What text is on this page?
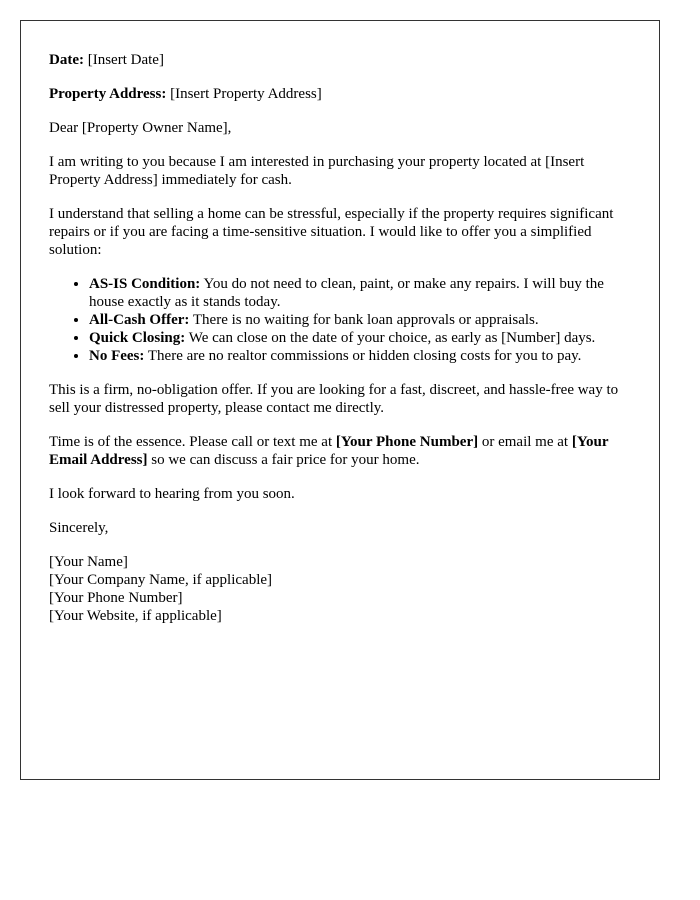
Date: [Insert Date]

Property Address: [Insert Property Address]

Dear [Property Owner Name],

I am writing to you because I am interested in purchasing your property located at [Insert Property Address] immediately for cash.

I understand that selling a home can be stressful, especially if the property requires significant repairs or if you are facing a time-sensitive situation. I would like to offer you a simplified solution:

• AS-IS Condition: You do not need to clean, paint, or make any repairs. I will buy the house exactly as it stands today.
• All-Cash Offer: There is no waiting for bank loan approvals or appraisals.
• Quick Closing: We can close on the date of your choice, as early as [Number] days.
• No Fees: There are no realtor commissions or hidden closing costs for you to pay.

This is a firm, no-obligation offer. If you are looking for a fast, discreet, and hassle-free way to sell your distressed property, please contact me directly.

Time is of the essence. Please call or text me at [Your Phone Number] or email me at [Your Email Address] so we can discuss a fair price for your home.

I look forward to hearing from you soon.

Sincerely,

[Your Name]
[Your Company Name, if applicable]
[Your Phone Number]
[Your Website, if applicable]
